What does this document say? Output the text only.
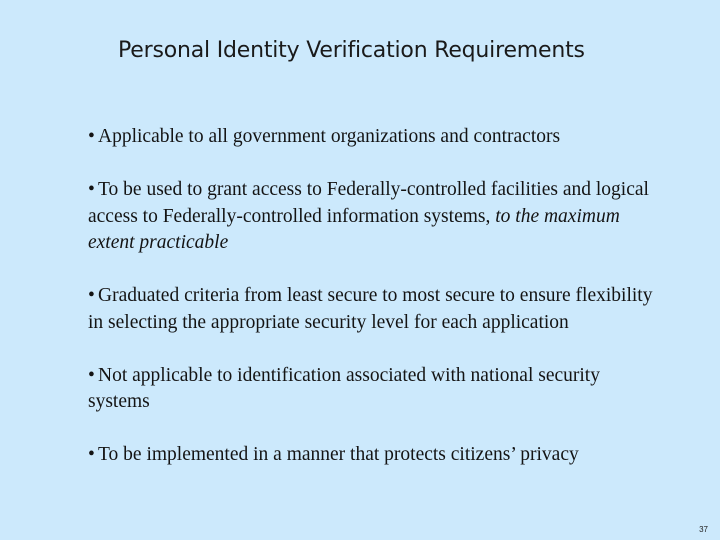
Personal Identity Verification Requirements
• Applicable to all government organizations and contractors
• To be used to grant access to Federally-controlled facilities and logical access to Federally-controlled information systems, to the maximum extent practicable
• Graduated criteria from least secure to most secure to ensure flexibility in selecting the appropriate security level for each application
• Not applicable to identification associated with national security systems
• To be implemented in a manner that protects citizens’ privacy
37
